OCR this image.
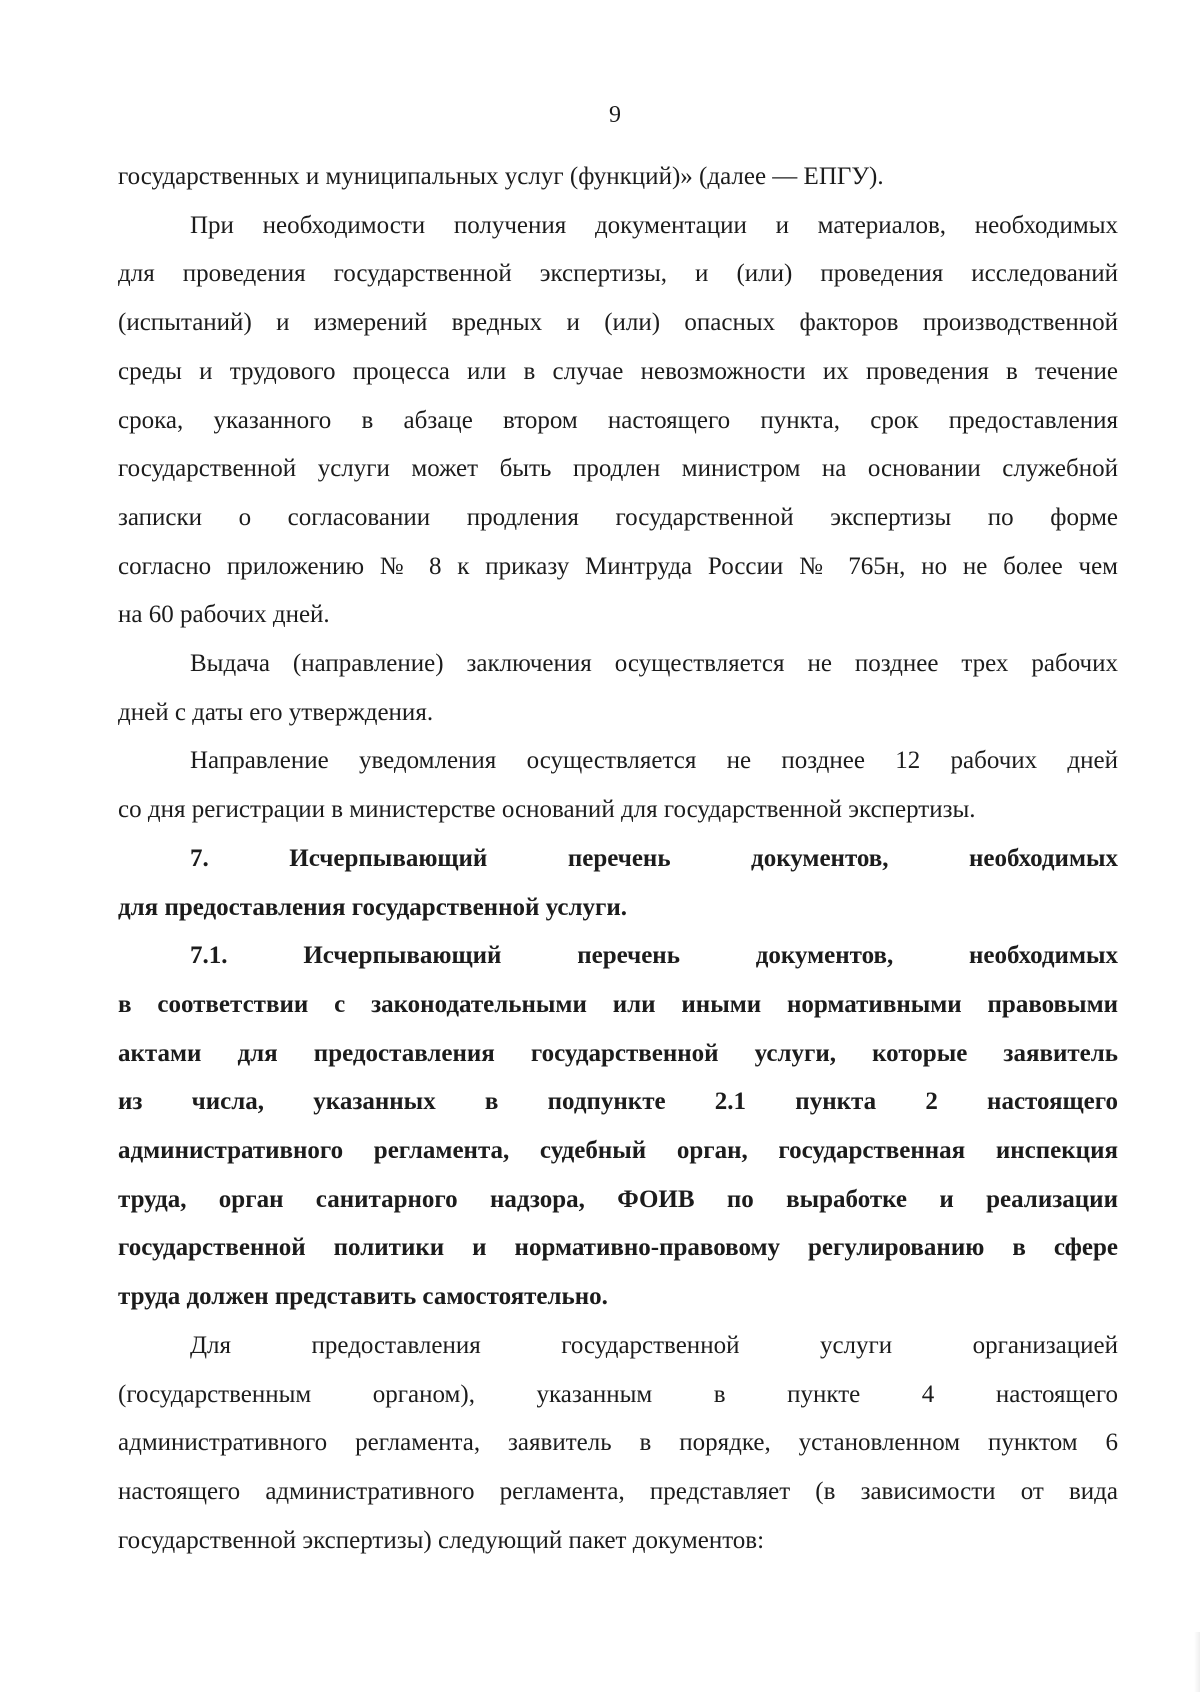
9
государственных и муниципальных услуг (функций)» (далее — ЕПГУ).
При необходимости получения документации и материалов, необходимых
для проведения государственной экспертизы, и (или) проведения исследований
(испытаний) и измерений вредных и (или) опасных факторов производственной
среды и трудового процесса или в случае невозможности их проведения в течение
срока, указанного в абзаце втором настоящего пункта, срок предоставления
государственной услуги может быть продлен министром на основании служебной
записки о согласовании продления государственной экспертизы по форме
согласно приложению № 8 к приказу Минтруда России № 765н, но не более чем
на 60 рабочих дней.
Выдача (направление) заключения осуществляется не позднее трех рабочих
дней с даты его утверждения.
Направление уведомления осуществляется не позднее 12 рабочих дней
со дня регистрации в министерстве оснований для государственной экспертизы.
7. Исчерпывающий перечень документов, необходимых
для предоставления государственной услуги.
7.1. Исчерпывающий перечень документов, необходимых
в соответствии с законодательными или иными нормативными правовыми
актами для предоставления государственной услуги, которые заявитель
из числа, указанных в подпункте 2.1 пункта 2 настоящего
административного регламента, судебный орган, государственная инспекция
труда, орган санитарного надзора, ФОИВ по выработке и реализации
государственной политики и нормативно-правовому регулированию в сфере
труда должен представить самостоятельно.
Для предоставления государственной услуги организацией
(государственным органом), указанным в пункте 4 настоящего
административного регламента, заявитель в порядке, установленном пунктом 6
настоящего административного регламента, представляет (в зависимости от вида
государственной экспертизы) следующий пакет документов:
